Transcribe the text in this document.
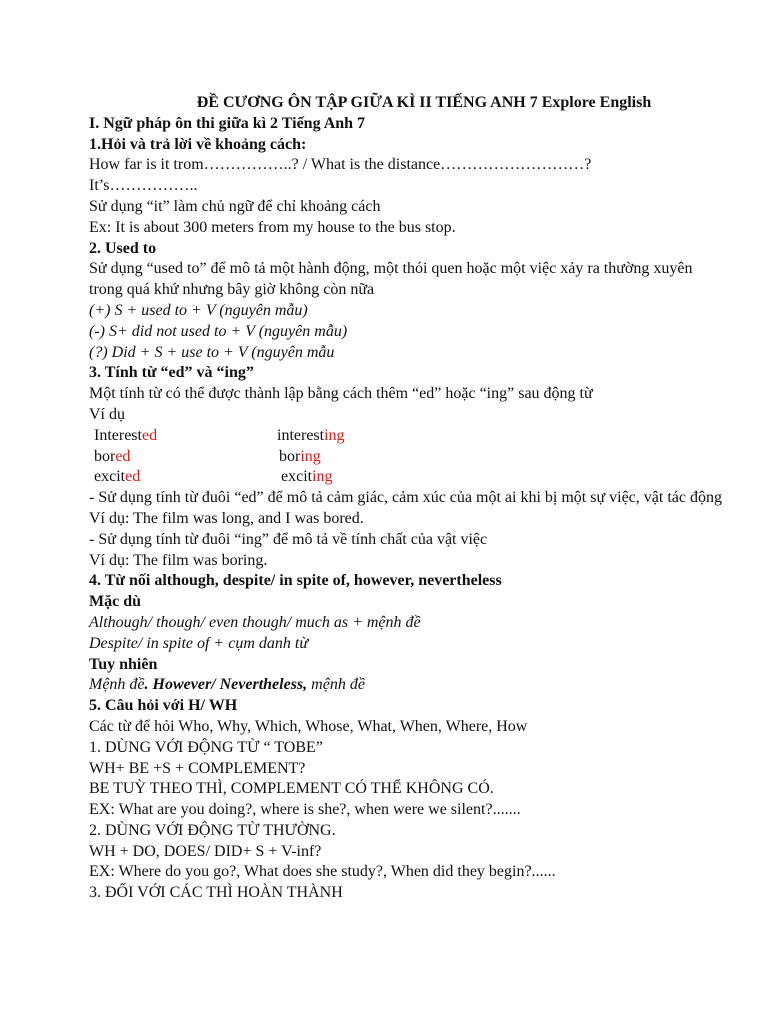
ĐỀ CƯƠNG ÔN TẬP GIỮA KÌ II TIẾNG ANH 7 Explore English
I. Ngữ pháp ôn thi giữa kì 2 Tiếng Anh 7
1.Hỏi và trả lời về khoảng cách:
How far is it trom……………..? / What is the distance………………………?
It’s……………..
Sử dụng “it” làm chủ ngữ để chỉ khoảng cách
Ex: It is about 300 meters from my house to the bus stop.
2. Used to
Sử dụng “used to” để mô tả một hành động, một thói quen hoặc một việc xảy ra thường xuyên trong quá khứ nhưng bây giờ không còn nữa
(+) S + used to + V (nguyên mẫu)
(-) S+ did not used to + V (nguyên mẫu)
(?) Did + S + use to + V (nguyên mẫu
3. Tính từ “ed” và “ing”
Một tính từ có thể được thành lập bằng cách thêm “ed” hoặc “ing” sau động từ
Ví dụ
Interested	interesting
bored	boring
excited	exciting
- Sử dụng tính từ đuôi “ed” để mô tả cảm giác, cảm xúc của một ai khi bị một sự việc, vật tác động
Ví dụ: The film was long, and I was bored.
- Sử dụng tính từ đuôi “ing” để mô tả về tính chất của vật việc
Ví dụ: The film was boring.
4. Từ nối although, despite/ in spite of, however, nevertheless
Mặc dù
Although/ though/ even though/ much as + mệnh đề
Despite/ in spite of + cụm danh từ
Tuy nhiên
Mệnh đề. However/ Nevertheless, mệnh đề
5. Câu hỏi với H/ WH
Các từ để hỏi Who, Why, Which, Whose, What, When, Where, How
1. DÙNG VỚI ĐỘNG TỪ “ TOBE”
WH+ BE +S + COMPLEMENT?
BE TUỲ THEO THÌ, COMPLEMENT CÓ THỂ KHÔNG CÓ.
EX: What are you doing?, where is she?, when were we silent?.......
2. DÙNG VỚI ĐỘNG TỪ THƯỜNG.
WH + DO, DOES/ DID+ S + V-inf?
EX: Where do you go?, What does she study?, When did they begin?......
3. ĐỐI VỚI CÁC THÌ HOÀN THÀNH
